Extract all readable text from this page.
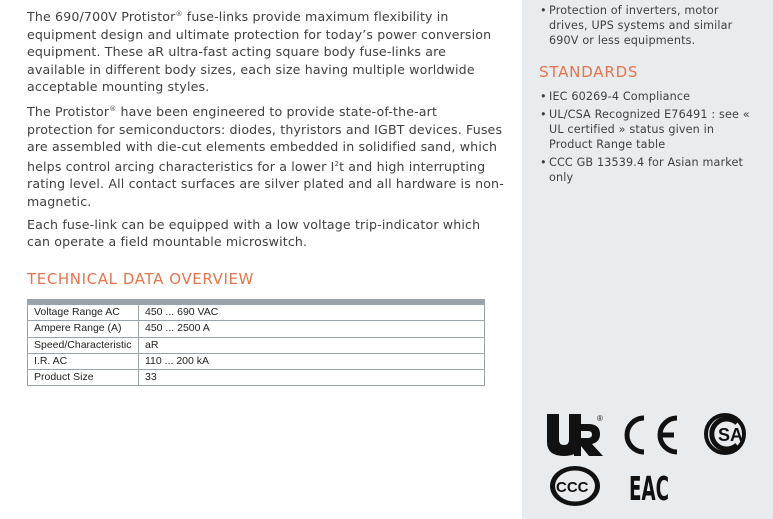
The 690/700V Protistor® fuse-links provide maximum flexibility in equipment design and ultimate protection for today’s power conversion equipment. These aR ultra-fast acting square body fuse-links are available in different body sizes, each size having multiple worldwide acceptable mounting styles.

The Protistor® have been engineered to provide state-of-the-art protection for semiconductors: diodes, thyristors and IGBT devices. Fuses are assembled with die-cut elements embedded in solidified sand, which helps control arcing characteristics for a lower $I^2t$ and high interrupting rating level. All contact surfaces are silver plated and all hardware is non-magnetic.

Each fuse-link can be equipped with a low voltage trip-indicator which can operate a field mountable microswitch.

TECHNICAL DATA OVERVIEW
Voltage Range AC	450 ... 690 VAC
Ampere Range (A)	450 ... 2500 A
Speed/Characteristic	aR
I.R. AC	110 ... 200 kA
Product Size	33
• Protection of inverters, motor drives, UPS systems and similar 690V or less equipments.
STANDARDS
• IEC 60269-4 Compliance
• UL/CSA Recognized E76491 : see « UL certified » status given in Product Range table
• CCC GB 13539.4 for Asian market only
®
SA
CCC EAC
